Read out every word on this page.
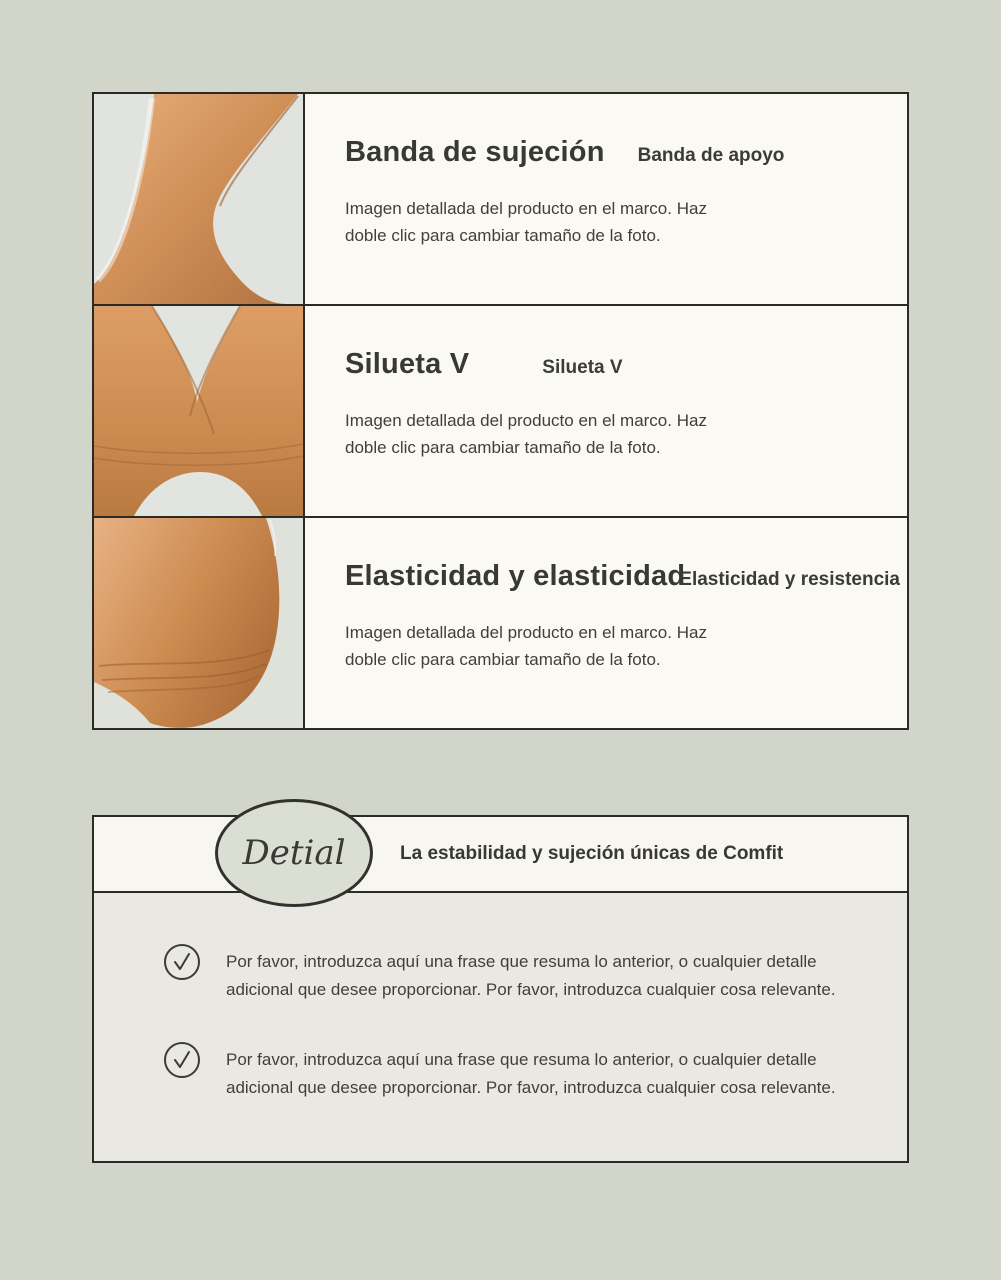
Banda de sujeción Banda de apoyo
Imagen detallada del producto en el marco. Haz
doble clic para cambiar tamaño de la foto.
Silueta V	Silueta V
Imagen detallada del producto en el marco. Haz
doble clic para cambiar tamaño de la foto.
Elasticidad y elasticidad
Elasticidad y resistencia
Imagen detallada del producto en el marco. Haz
doble clic para cambiar tamaño de la foto.
La estabilidad y sujeción únicas de Comfit
Detial
Por favor, introduzca aquí una frase que resuma lo anterior, o cualquier detalle
adicional que desee proporcionar. Por favor, introduzca cualquier cosa relevante.
Por favor, introduzca aquí una frase que resuma lo anterior, o cualquier detalle
adicional que desee proporcionar. Por favor, introduzca cualquier cosa relevante.
